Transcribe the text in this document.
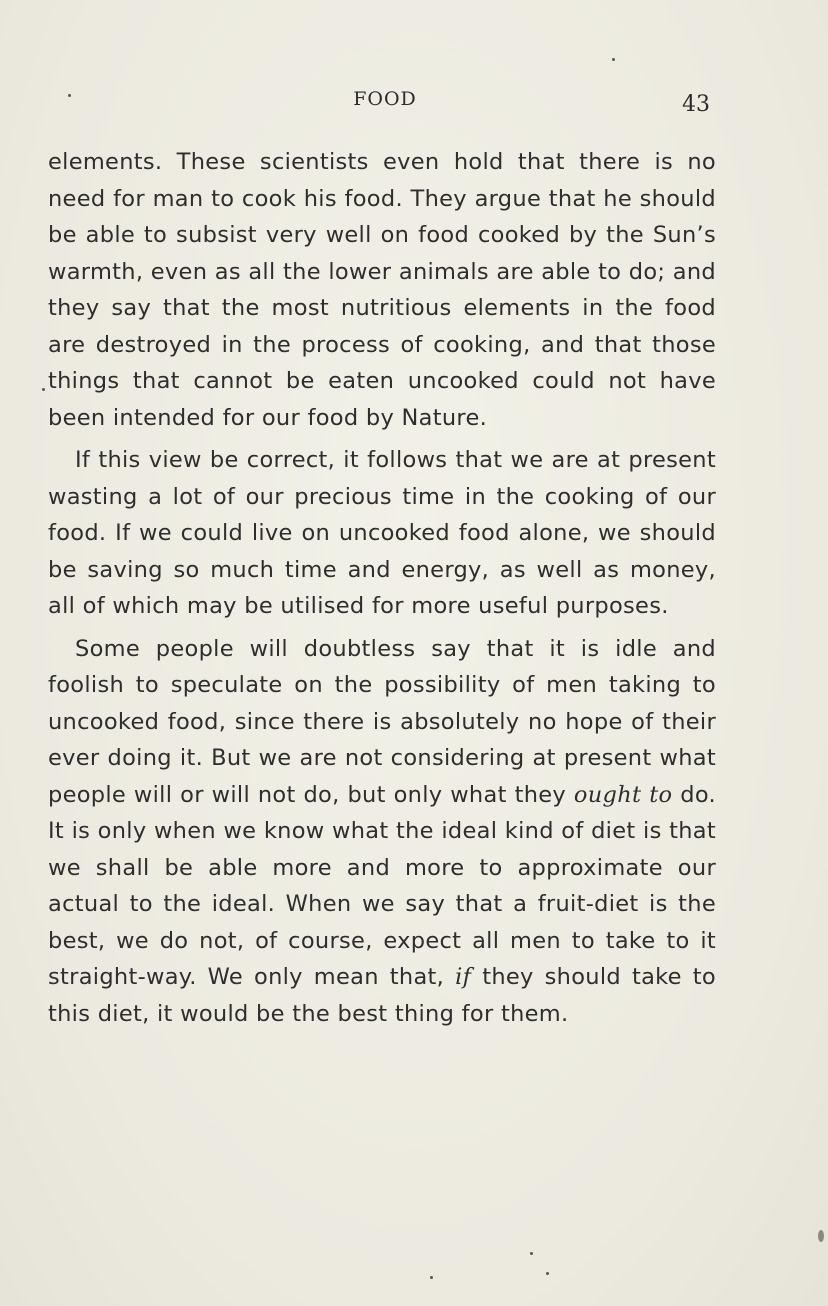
FOOD	43

elements. These scientists even hold that there is no need for man to cook his food. They argue that he should be able to subsist very well on food cooked by the Sun’s warmth, even as all the lower animals are able to do; and they say that the most nutritious elements in the food are destroyed in the process of cooking, and that those things that cannot be eaten uncooked could not have been intended for our food by Nature.

If this view be correct, it follows that we are at present wasting a lot of our precious time in the cooking of our food. If we could live on uncooked food alone, we should be saving so much time and energy, as well as money, all of which may be utilised for more useful purposes.

Some people will doubtless say that it is idle and foolish to speculate on the possibility of men taking to uncooked food, since there is absolutely no hope of their ever doing it. But we are not considering at present what people will or will not do, but only what they ought to do. It is only when we know what the ideal kind of diet is that we shall be able more and more to approximate our actual to the ideal. When we say that a fruit-diet is the best, we do not, of course, expect all men to take to it straight-way. We only mean that, if they should take to this diet, it would be the best thing for them.
